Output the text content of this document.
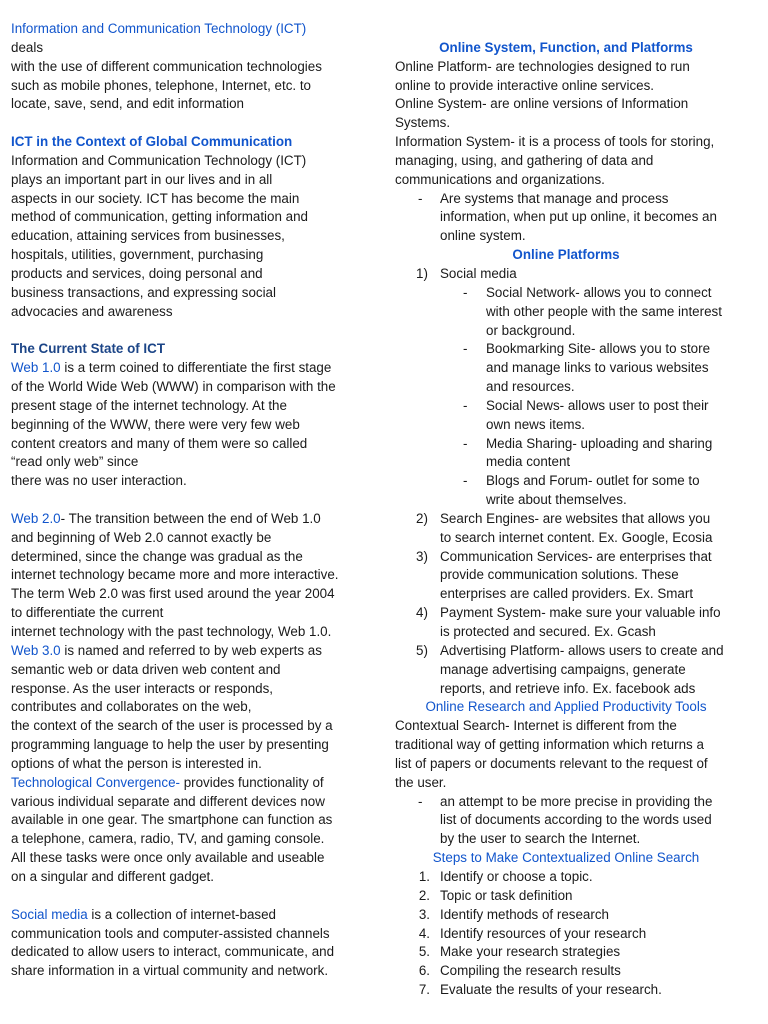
Information and Communication Technology (ICT)
deals
with the use of different communication technologies
such as mobile phones, telephone, Internet, etc. to
locate, save, send, and edit information
ICT in the Context of Global Communication
Information and Communication Technology (ICT)
plays an important part in our lives and in all
aspects in our society. ICT has become the main
method of communication, getting information and
education, attaining services from businesses,
hospitals, utilities, government, purchasing
products and services, doing personal and
business transactions, and expressing social
advocacies and awareness
The Current State of ICT
Web 1.0 is a term coined to differentiate the first stage
of the World Wide Web (WWW) in comparison with the
present stage of the internet technology. At the
beginning of the WWW, there were very few web
content creators and many of them were so called
“read only web” since
there was no user interaction.
Web 2.0- The transition between the end of Web 1.0
and beginning of Web 2.0 cannot exactly be
determined, since the change was gradual as the
internet technology became more and more interactive.
The term Web 2.0 was first used around the year 2004
to differentiate the current
internet technology with the past technology, Web 1.0.
Web 3.0 is named and referred to by web experts as
semantic web or data driven web content and
response. As the user interacts or responds,
contributes and collaborates on the web,
the context of the search of the user is processed by a
programming language to help the user by presenting
options of what the person is interested in.
Technological Convergence- provides functionality of
various individual separate and different devices now
available in one gear. The smartphone can function as
a telephone, camera, radio, TV, and gaming console.
All these tasks were once only available and useable
on a singular and different gadget.
Social media is a collection of internet-based
communication tools and computer-assisted channels
dedicated to allow users to interact, communicate, and
share information in a virtual community and network.
Online System, Function, and Platforms
Online Platform- are technologies designed to run
online to provide interactive online services.
Online System- are online versions of Information
Systems.
Information System- it is a process of tools for storing,
managing, using, and gathering of data and
communications and organizations.
- Are systems that manage and process
information, when put up online, it becomes an
online system.
Online Platforms
1) Social media
- Social Network- allows you to connect
with other people with the same interest
or background.
- Bookmarking Site- allows you to store
and manage links to various websites
and resources.
- Social News- allows user to post their
own news items.
- Media Sharing- uploading and sharing
media content
- Blogs and Forum- outlet for some to
write about themselves.
2) Search Engines- are websites that allows you
to search internet content. Ex. Google, Ecosia
3) Communication Services- are enterprises that
provide communication solutions. These
enterprises are called providers. Ex. Smart
4) Payment System- make sure your valuable info
is protected and secured. Ex. Gcash
5) Advertising Platform- allows users to create and
manage advertising campaigns, generate
reports, and retrieve info. Ex. facebook ads
Online Research and Applied Productivity Tools
Contextual Search- Internet is different from the
traditional way of getting information which returns a
list of papers or documents relevant to the request of
the user.
- an attempt to be more precise in providing the
list of documents according to the words used
by the user to search the Internet.
Steps to Make Contextualized Online Search
1. Identify or choose a topic.
2. Topic or task definition
3. Identify methods of research
4. Identify resources of your research
5. Make your research strategies
6. Compiling the research results
7. Evaluate the results of your research.
